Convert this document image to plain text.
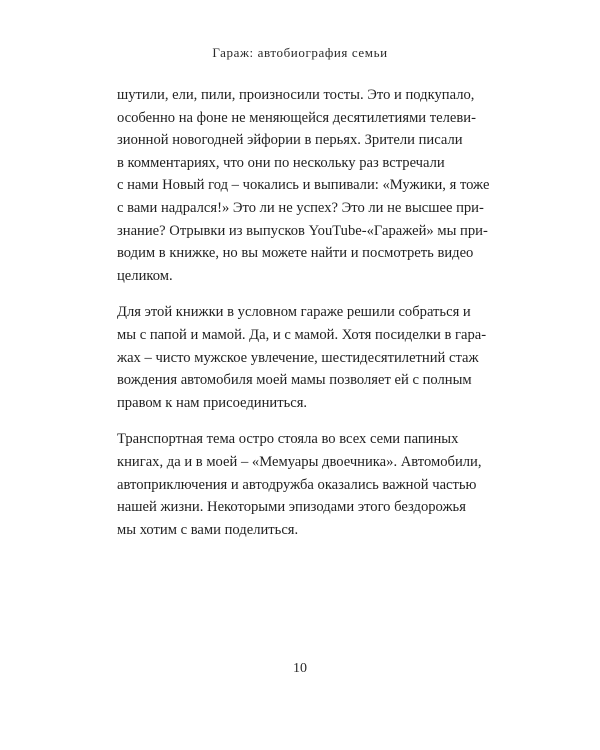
Гараж: автобиография семьи

шутили, ели, пили, произносили тосты. Это и подкупало,
особенно на фоне не меняющейся десятилетиями телеви-
зионной новогодней эйфории в перьях. Зрители писали
в комментариях, что они по нескольку раз встречали
с нами Новый год – чокались и выпивали: «Мужики, я тоже
с вами надрался!» Это ли не успех? Это ли не высшее при-
знание? Отрывки из выпусков YouTube-«Гаражей» мы при-
водим в книжке, но вы можете найти и посмотреть видео
целиком.

Для этой книжки в условном гараже решили собраться и
мы с папой и мамой. Да, и с мамой. Хотя посиделки в гара-
жах – чисто мужское увлечение, шестидесятилетний стаж
вождения автомобиля моей мамы позволяет ей с полным
правом к нам присоединиться.

Транспортная тема остро стояла во всех семи папиных
книгах, да и в моей – «Мемуары двоечника». Автомобили,
автоприключения и автодружба оказались важной частью
нашей жизни. Некоторыми эпизодами этого бездорожья
мы хотим с вами поделиться.

10
